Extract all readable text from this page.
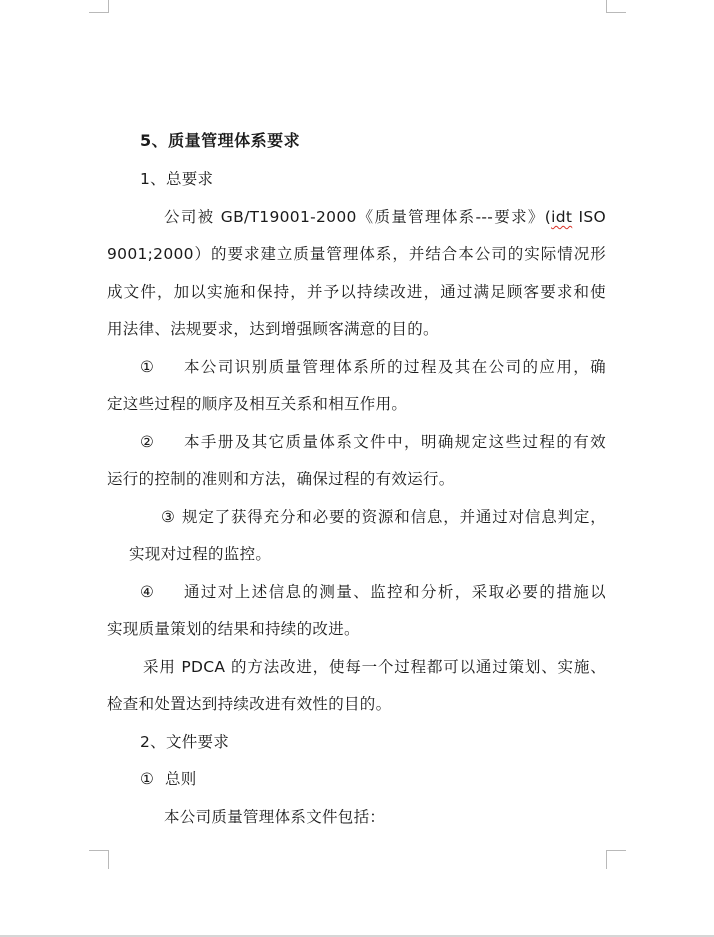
5、质量管理体系要求
1、总要求
公司被 GB/T19001-2000《质量管理体系---要求》(idt ISO
9001;2000）的要求建立质量管理体系，并结合本公司的实际情况形
成文件，加以实施和保持，并予以持续改进，通过满足顾客要求和使
用法律、法规要求，达到增强顾客满意的目的。
① 本公司识别质量管理体系所的过程及其在公司的应用，确
定这些过程的顺序及相互关系和相互作用。
② 本手册及其它质量体系文件中，明确规定这些过程的有效
运行的控制的准则和方法，确保过程的有效运行。
③ 规定了获得充分和必要的资源和信息，并通过对信息判定，
实现对过程的监控。
④ 通过对上述信息的测量、监控和分析，采取必要的措施以
实现质量策划的结果和持续的改进。
采用 PDCA 的方法改进，使每一个过程都可以通过策划、实施、
检查和处置达到持续改进有效性的目的。
2、文件要求
① 总则
本公司质量管理体系文件包括：
